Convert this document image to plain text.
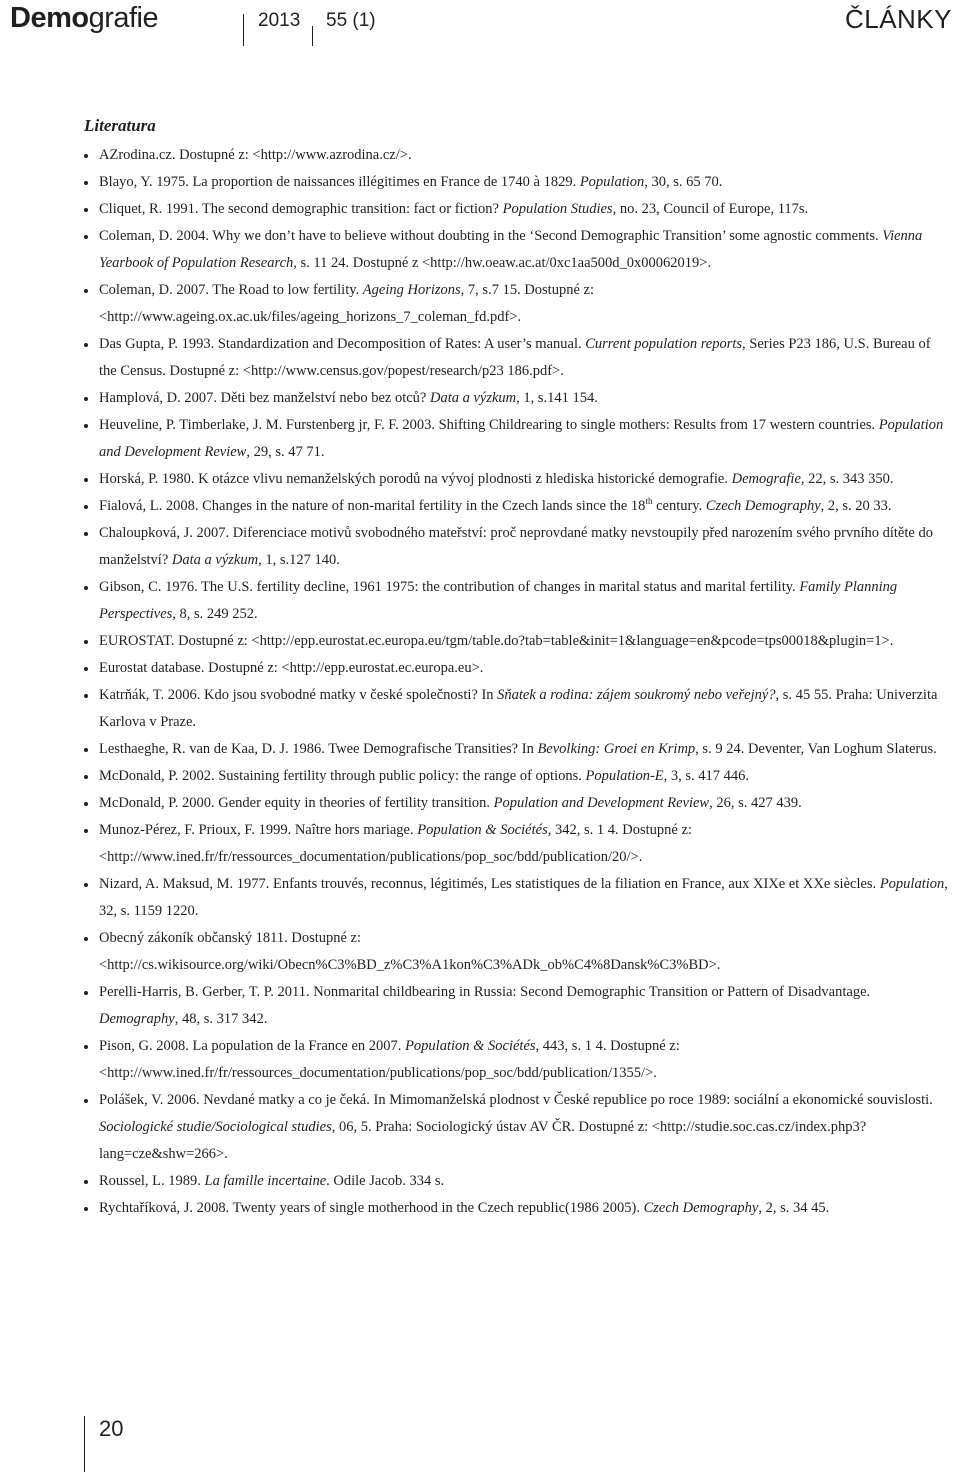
Demografie	2013 55 (1)	ČLÁNKY
Literatura
AZrodina.cz. Dostupné z: <http://www.azrodina.cz/>.
Blayo, Y. 1975. La proportion de naissances illégitimes en France de 1740 à 1829. Population, 30, s. 65 70.
Cliquet, R. 1991. The second demographic transition: fact or fiction? Population Studies, no. 23, Council of Europe, 117s.
Coleman, D. 2004. Why we don’t have to believe without doubting in the ‘Second Demographic Transition’ some agnostic comments. Vienna Yearbook of Population Research, s. 11 24. Dostupné z <http://hw.oeaw.ac.at/0xc1aa500d_0x00062019>.
Coleman, D. 2007. The Road to low fertility. Ageing Horizons, 7, s.7 15. Dostupné z: <http://www.ageing.ox.ac.uk/files/ageing_horizons_7_coleman_fd.pdf>.
Das Gupta, P. 1993. Standardization and Decomposition of Rates: A user’s manual. Current population reports, Series P23 186, U.S. Bureau of the Census. Dostupné z: <http://www.census.gov/popest/research/p23 186.pdf>.
Hamplová, D. 2007. Děti bez manželství nebo bez otců? Data a výzkum, 1, s.141 154.
Heuveline, P. Timberlake, J. M. Furstenberg jr, F. F. 2003. Shifting Childrearing to single mothers: Results from 17 western countries. Population and Development Review, 29, s. 47 71.
Horská, P. 1980. K otázce vlivu nemanželských porodů na vývoj plodnosti z hlediska historické demografie. Demografie, 22, s. 343 350.
Fialová, L. 2008. Changes in the nature of non-marital fertility in the Czech lands since the 18th century. Czech Demography, 2, s. 20 33.
Chaloupková, J. 2007. Diferenciace motivů svobodného mateřství: proč neprovdané matky nevstoupily před narozením svého prvního dítěte do manželství? Data a výzkum, 1, s.127 140.
Gibson, C. 1976. The U.S. fertility decline, 1961 1975: the contribution of changes in marital status and marital fertility. Family Planning Perspectives, 8, s. 249 252.
EUROSTAT. Dostupné z: <http://epp.eurostat.ec.europa.eu/tgm/table.do?tab=table&init=1&language=en&pcode=tps00018&plugin=1>.
Eurostat database. Dostupné z: <http://epp.eurostat.ec.europa.eu>.
Katrňák, T. 2006. Kdo jsou svobodné matky v české společnosti? In Sňatek a rodina: zájem soukromý nebo veřejný?, s. 45 55. Praha: Univerzita Karlova v Praze.
Lesthaeghe, R. van de Kaa, D. J. 1986. Twee Demografische Transities? In Bevolking: Groei en Krimp, s. 9 24. Deventer, Van Loghum Slaterus.
McDonald, P. 2002. Sustaining fertility through public policy: the range of options. Population-E, 3, s. 417 446.
McDonald, P. 2000. Gender equity in theories of fertility transition. Population and Development Review, 26, s. 427 439.
Munoz-Pérez, F. Prioux, F. 1999. Naître hors mariage. Population & Sociétés, 342, s. 1 4. Dostupné z: <http://www.ined.fr/fr/ressources_documentation/publications/pop_soc/bdd/publication/20/>.
Nizard, A. Maksud, M. 1977. Enfants trouvés, reconnus, légitimés, Les statistiques de la filiation en France, aux XIXe et XXe siècles. Population, 32, s. 1159 1220.
Obecný zákoník občanský 1811. Dostupné z: <http://cs.wikisource.org/wiki/Obecn%C3%BD_z%C3%A1kon%C3%ADk_ob%C4%8Dansk%C3%BD>.
Perelli-Harris, B. Gerber, T. P. 2011. Nonmarital childbearing in Russia: Second Demographic Transition or Pattern of Disadvantage. Demography, 48, s. 317 342.
Pison, G. 2008. La population de la France en 2007. Population & Sociétés, 443, s. 1 4. Dostupné z: <http://www.ined.fr/fr/ressources_documentation/publications/pop_soc/bdd/publication/1355/>.
Polášek, V. 2006. Nevdané matky a co je čeká. In Mimomanželská plodnost v České republice po roce 1989: sociální a ekonomické souvislosti. Sociologické studie/Sociological studies, 06, 5. Praha: Sociologický ústav AV ČR. Dostupné z: <http://studie.soc.cas.cz/index.php3?lang=cze&shw=266>.
Roussel, L. 1989. La famille incertaine. Odile Jacob. 334 s.
Rychtaříková, J. 2008. Twenty years of single motherhood in the Czech republic(1986 2005). Czech Demography, 2, s. 34 45.
20
